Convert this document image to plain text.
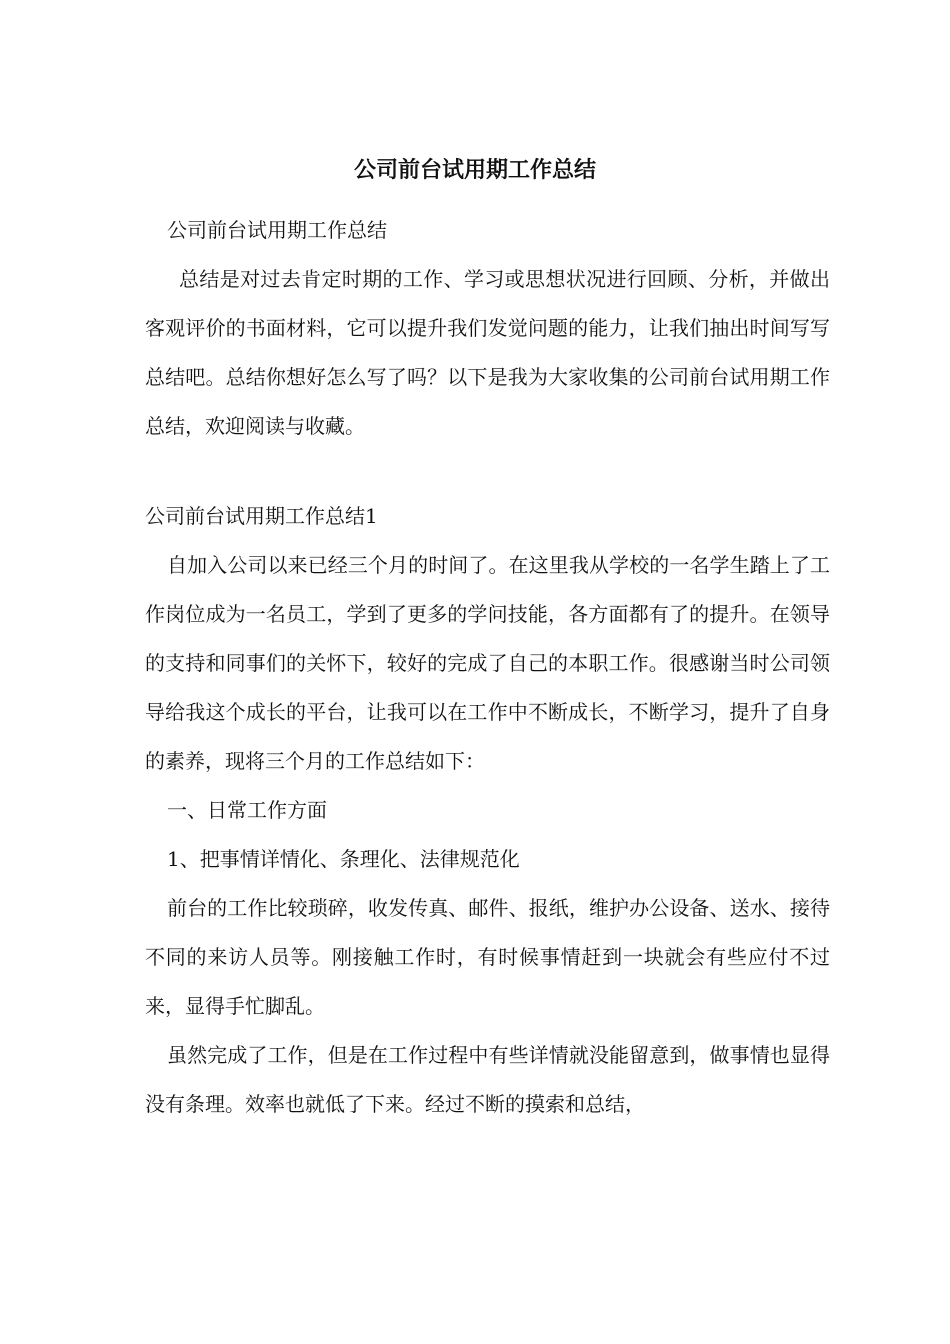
公司前台试用期工作总结

公司前台试用期工作总结

总结是对过去肯定时期的工作、学习或思想状况进行回顾、分析，并做出客观评价的书面材料，它可以提升我们发觉问题的能力，让我们抽出时间写写总结吧。总结你想好怎么写了吗？以下是我为大家收集的公司前台试用期工作总结，欢迎阅读与收藏。

公司前台试用期工作总结1

自加入公司以来已经三个月的时间了。在这里我从学校的一名学生踏上了工作岗位成为一名员工，学到了更多的学问技能，各方面都有了的提升。在领导的支持和同事们的关怀下，较好的完成了自己的本职工作。很感谢当时公司领导给我这个成长的平台，让我可以在工作中不断成长，不断学习，提升了自身的素养，现将三个月的工作总结如下：

一、日常工作方面

1、把事情详情化、条理化、法律规范化

前台的工作比较琐碎，收发传真、邮件、报纸，维护办公设备、送水、接待不同的来访人员等。刚接触工作时，有时候事情赶到一块就会有些应付不过来，显得手忙脚乱。

虽然完成了工作，但是在工作过程中有些详情就没能留意到，做事情也显得没有条理。效率也就低了下来。经过不断的摸索和总结，
